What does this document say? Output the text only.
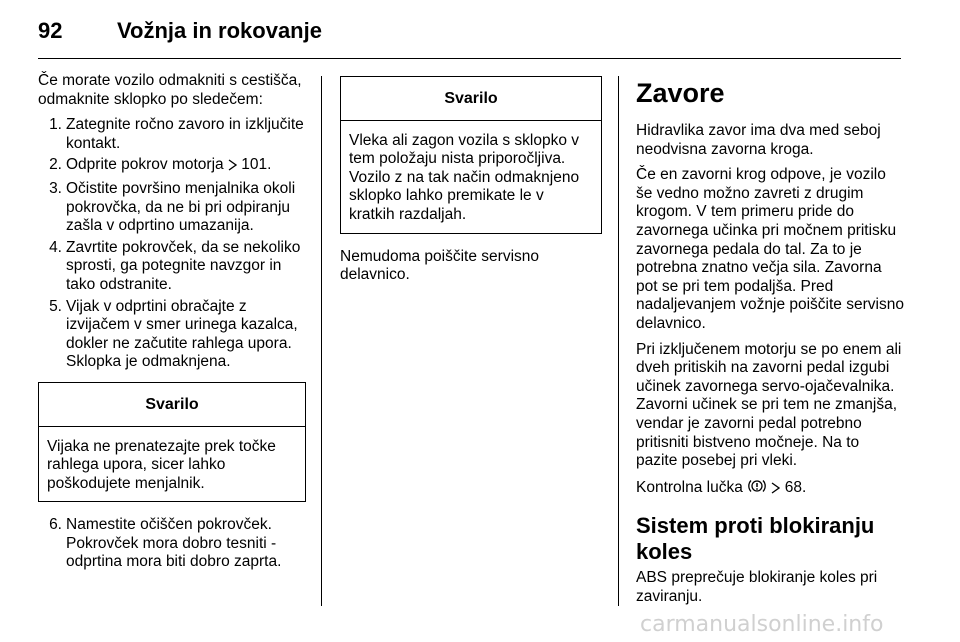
92	Vožnja in rokovanje

Če morate vozilo odmakniti s cestišča, odmaknite sklopko po sledečem:

1. Zategnite ročno zavoro in izključite kontakt.
2. Odprite pokrov motorja 101.
3. Očistite površino menjalnika okoli pokrovčka, da ne bi pri odpiranju zašla v odprtino umazanija.
4. Zavrtite pokrovček, da se nekoliko sprosti, ga potegnite navzgor in tako odstranite.
5. Vijak v odprtini obračajte z izvijačem v smer urinega kazalca, dokler ne začutite rahlega upora. Sklopka je odmaknjena.
Svarilo
Vijaka ne prenatezajte prek točke rahlega upora, sicer lahko poškodujete menjalnik.
6. Namestite očiščen pokrovček. Pokrovček mora dobro tesniti - odprtina mora biti dobro zaprta.
Svarilo
Vleka ali zagon vozila s sklopko v tem položaju nista priporočljiva. Vozilo z na tak način odmaknjeno sklopko lahko premikate le v kratkih razdaljah.

Nemudoma poiščite servisno delavnico.

Zavore

Hidravlika zavor ima dva med seboj neodvisna zavorna kroga.

Če en zavorni krog odpove, je vozilo še vedno možno zavreti z drugim krogom. V tem primeru pride do zavornega učinka pri močnem pritisku zavornega pedala do tal. Za to je potrebna znatno večja sila. Zavorna pot se pri tem podaljša. Pred nadaljevanjem vožnje poiščite servisno delavnico.

Pri izključenem motorju se po enem ali dveh pritiskih na zavorni pedal izgubi učinek zavornega servo-ojačevalnika. Zavorni učinek se pri tem ne zmanjša, vendar je zavorni pedal potrebno pritisniti bistveno močneje. Na to pazite posebej pri vleki.

Kontrolna lučka	68.

Sistem proti blokiranju koles

ABS preprečuje blokiranje koles pri zaviranju.

carmanualsonline.info
